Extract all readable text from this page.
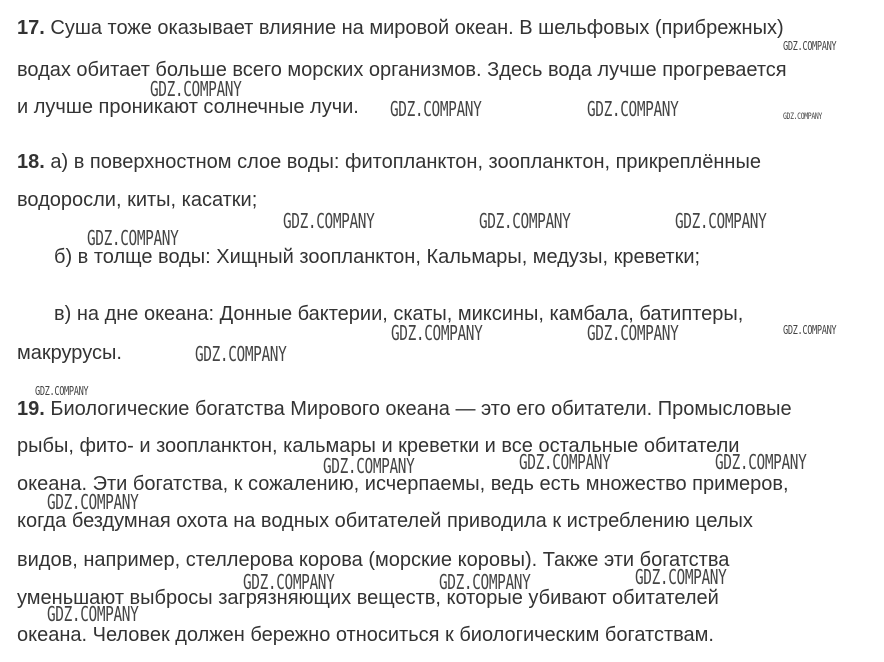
17. Суша тоже оказывает влияние на мировой океан. В шельфовых (прибрежных)
водах обитает больше всего морских организмов. Здесь вода лучше прогревается
и лучше проникают солнечные лучи.
18. а) в поверхностном слое воды: фитопланктон, зоопланктон, прикреплённые
водоросли, киты, касатки;
б) в толще воды: Хищный зоопланктон, Кальмары, медузы, креветки;
в) на дне океана: Донные бактерии, скаты, миксины, камбала, батиптеры,
макрурусы.
19. Биологические богатства Мирового океана — это его обитатели. Промысловые
рыбы, фито- и зоопланктон, кальмары и креветки и все остальные обитатели
океана. Эти богатства, к сожалению, исчерпаемы, ведь есть множество примеров,
когда бездумная охота на водных обитателей приводила к истреблению целых
видов, например, стеллерова корова (морские коровы). Также эти богатства
уменьшают выбросы загрязняющих веществ, которые убивают обитателей
океана. Человек должен бережно относиться к биологическим богатствам.
GDZ.COMPANY
GDZ.COMPANY
GDZ.COMPANY	GDZ.COMPANY	GDZ.COMPANY
GDZ.COMPANY	GDZ.COMPANY	GDZ.COMPANY
GDZ.COMPANY
GDZ.COMPANY	GDZ.COMPANY	GDZ.COMPANY
GDZ.COMPANY
GDZ.COMPANY
GDZ.COMPANY	GDZ.COMPANY
GDZ.COMPANY
GDZ.COMPANY
GDZ.COMPANY
GDZ.COMPANY	GDZ.COMPANY
GDZ.COMPANY
